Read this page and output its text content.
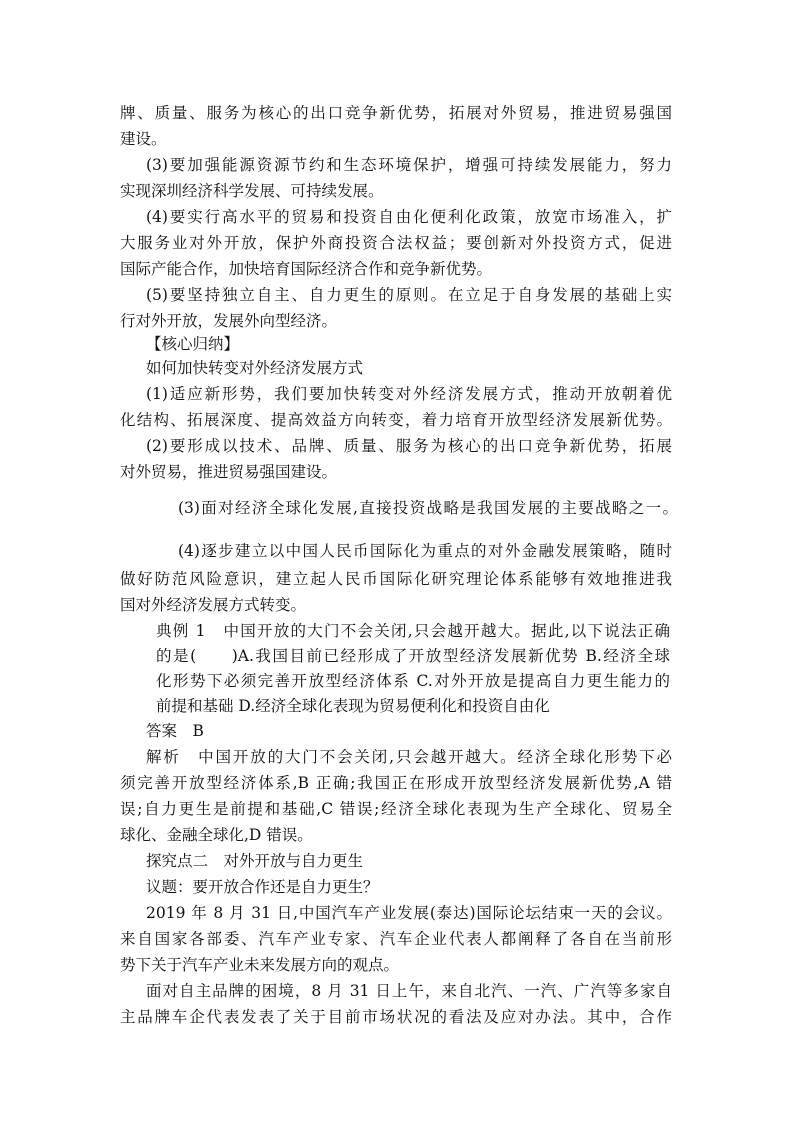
牌、质量、服务为核心的出口竞争新优势，拓展对外贸易，推进贸易强国
建设。
(3)要加强能源资源节约和生态环境保护，增强可持续发展能力，努力
实现深圳经济科学发展、可持续发展。
(4)要实行高水平的贸易和投资自由化便利化政策，放宽市场准入，扩
大服务业对外开放，保护外商投资合法权益；要创新对外投资方式，促进
国际产能合作，加快培育国际经济合作和竞争新优势。
(5)要坚持独立自主、自力更生的原则。在立足于自身发展的基础上实
行对外开放，发展外向型经济。
【核心归纳】
如何加快转变对外经济发展方式
(1)适应新形势，我们要加快转变对外经济发展方式，推动开放朝着优
化结构、拓展深度、提高效益方向转变，着力培育开放型经济发展新优势。
(2)要形成以技术、品牌、质量、服务为核心的出口竞争新优势，拓展
对外贸易，推进贸易强国建设。
(3)面对经济全球化发展,直接投资战略是我国发展的主要战略之一。
(4)逐步建立以中国人民币国际化为重点的对外金融发展策略，随时
做好防范风险意识，建立起人民币国际化研究理论体系能够有效地推进我
国对外经济发展方式转变。
典例 1　中国开放的大门不会关闭,只会越开越大。据此,以下说法正确
的是(　　)A.我国目前已经形成了开放型经济发展新优势 B.经济全球
化形势下必须完善开放型经济体系 C.对外开放是提高自力更生能力的
前提和基础 D.经济全球化表现为贸易便利化和投资自由化
答案　B
解析　中国开放的大门不会关闭,只会越开越大。经济全球化形势下必
须完善开放型经济体系,B 正确;我国正在形成开放型经济发展新优势,A 错
误;自力更生是前提和基础,C 错误;经济全球化表现为生产全球化、贸易全
球化、金融全球化,D 错误。
探究点二　对外开放与自力更生
议题：要开放合作还是自力更生？
2019 年 8 月 31 日,中国汽车产业发展(泰达)国际论坛结束一天的会议。
来自国家各部委、汽车产业专家、汽车企业代表人都阐释了各自在当前形
势下关于汽车产业未来发展方向的观点。
面对自主品牌的困境，8 月 31 日上午，来自北汽、一汽、广汽等多家自
主品牌车企代表发表了关于目前市场状况的看法及应对办法。其中，合作
